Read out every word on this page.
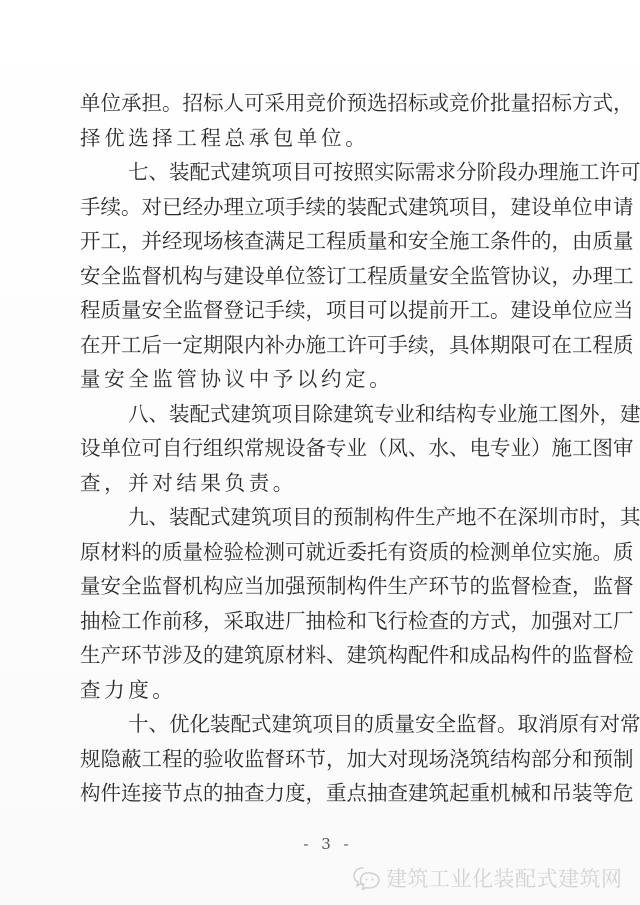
单位承担。招标人可采用竞价预选招标或竞价批量招标方式，
择优选择工程总承包单位。
七、装配式建筑项目可按照实际需求分阶段办理施工许可
手续。对已经办理立项手续的装配式建筑项目，建设单位申请
开工，并经现场核查满足工程质量和安全施工条件的，由质量
安全监督机构与建设单位签订工程质量安全监管协议，办理工
程质量安全监督登记手续，项目可以提前开工。建设单位应当
在开工后一定期限内补办施工许可手续，具体期限可在工程质
量安全监管协议中予以约定。
八、装配式建筑项目除建筑专业和结构专业施工图外，建
设单位可自行组织常规设备专业（风、水、电专业）施工图审
查，并对结果负责。
九、装配式建筑项目的预制构件生产地不在深圳市时，其
原材料的质量检验检测可就近委托有资质的检测单位实施。质
量安全监督机构应当加强预制构件生产环节的监督检查，监督
抽检工作前移，采取进厂抽检和飞行检查的方式，加强对工厂
生产环节涉及的建筑原材料、建筑构配件和成品构件的监督检
查力度。
十、优化装配式建筑项目的质量安全监督。取消原有对常
规隐蔽工程的验收监督环节，加大对现场浇筑结构部分和预制
构件连接节点的抽查力度，重点抽查建筑起重机械和吊装等危
- 3 -
建筑工业化装配式建筑网
